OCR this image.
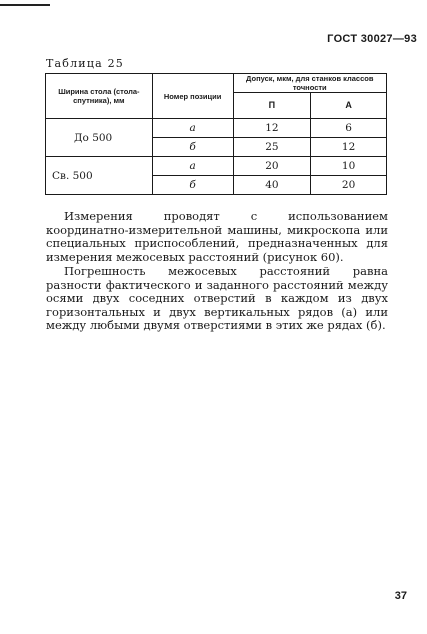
ГОСТ 30027—93
Таблица 25
Ширина стола (стола-спутника), мм	Номер позиции	Допуск, мкм, для станков классов точности	
		П	А
До 500	а	12	6
	б	25	12
Св. 500	а	20	10
	б	40	20

Измерения проводят с использованием координатно-измерительной машины, микроскопа или специальных приспособлений, предназначенных для измерения межосевых расстояний (рисунок 60).

Погрешность межосевых расстояний равна разности фактического и заданного расстояний между осями двух соседних отверстий в каждом из двух горизонтальных и двух вертикальных рядов (а) или между любыми двумя отверстиями в этих же рядах (б).

37
